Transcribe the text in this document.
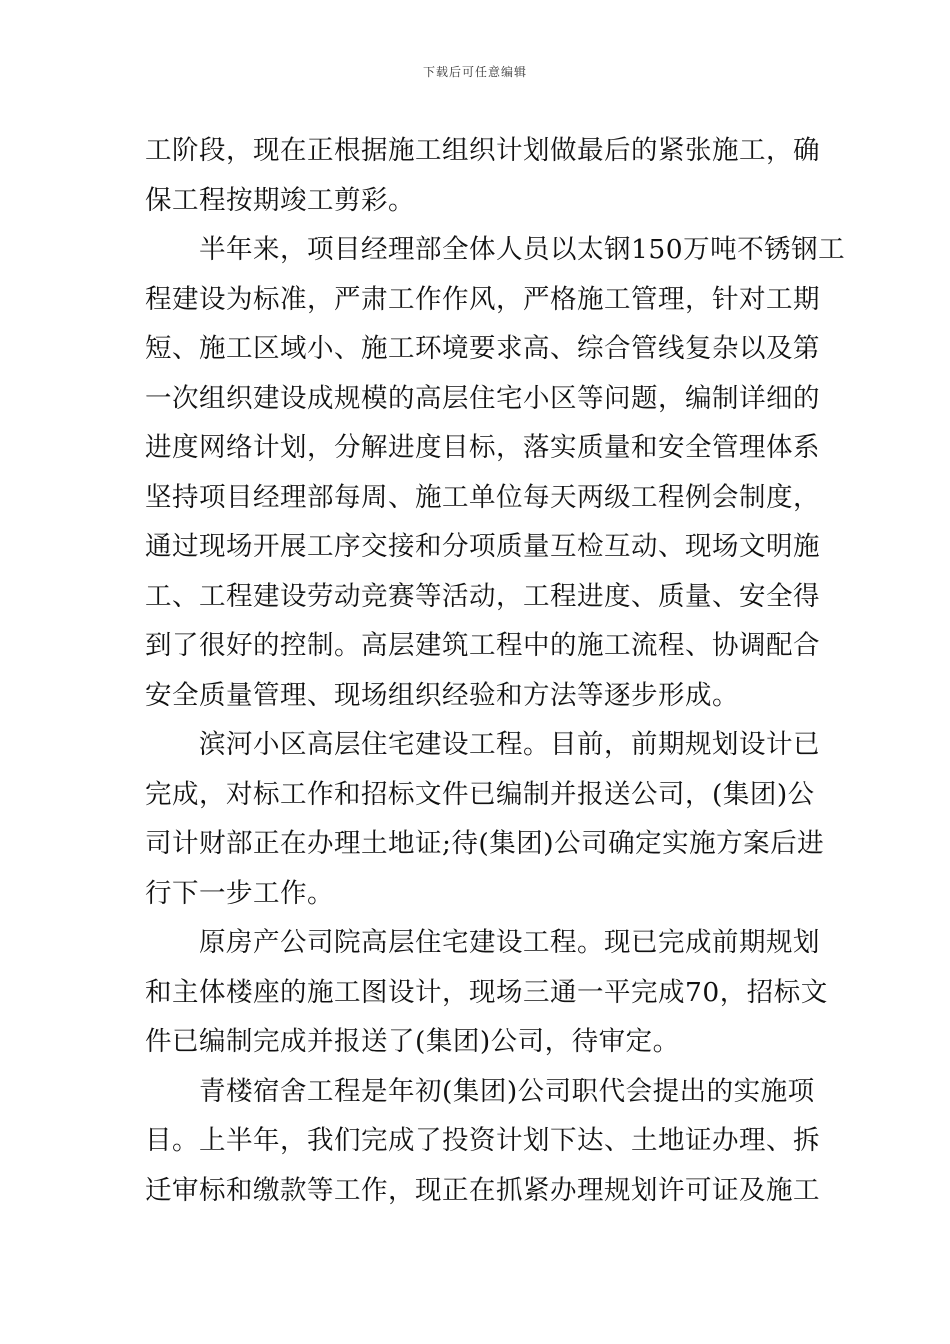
下载后可任意编辑
工阶段，现在正根据施工组织计划做最后的紧张施工，确
保工程按期竣工剪彩。
半年来，项目经理部全体人员以太钢150万吨不锈钢工
程建设为标准，严肃工作作风，严格施工管理，针对工期
短、施工区域小、施工环境要求高、综合管线复杂以及第
一次组织建设成规模的高层住宅小区等问题，编制详细的
进度网络计划，分解进度目标，落实质量和安全管理体系
坚持项目经理部每周、施工单位每天两级工程例会制度，
通过现场开展工序交接和分项质量互检互动、现场文明施
工、工程建设劳动竞赛等活动，工程进度、质量、安全得
到了很好的控制。高层建筑工程中的施工流程、协调配合
安全质量管理、现场组织经验和方法等逐步形成。
滨河小区高层住宅建设工程。目前，前期规划设计已
完成，对标工作和招标文件已编制并报送公司，(集团)公
司计财部正在办理土地证;待(集团)公司确定实施方案后进
行下一步工作。
原房产公司院高层住宅建设工程。现已完成前期规划
和主体楼座的施工图设计，现场三通一平完成70，招标文
件已编制完成并报送了(集团)公司，待审定。
青楼宿舍工程是年初(集团)公司职代会提出的实施项
目。上半年，我们完成了投资计划下达、土地证办理、拆
迁审标和缴款等工作，现正在抓紧办理规划许可证及施工
